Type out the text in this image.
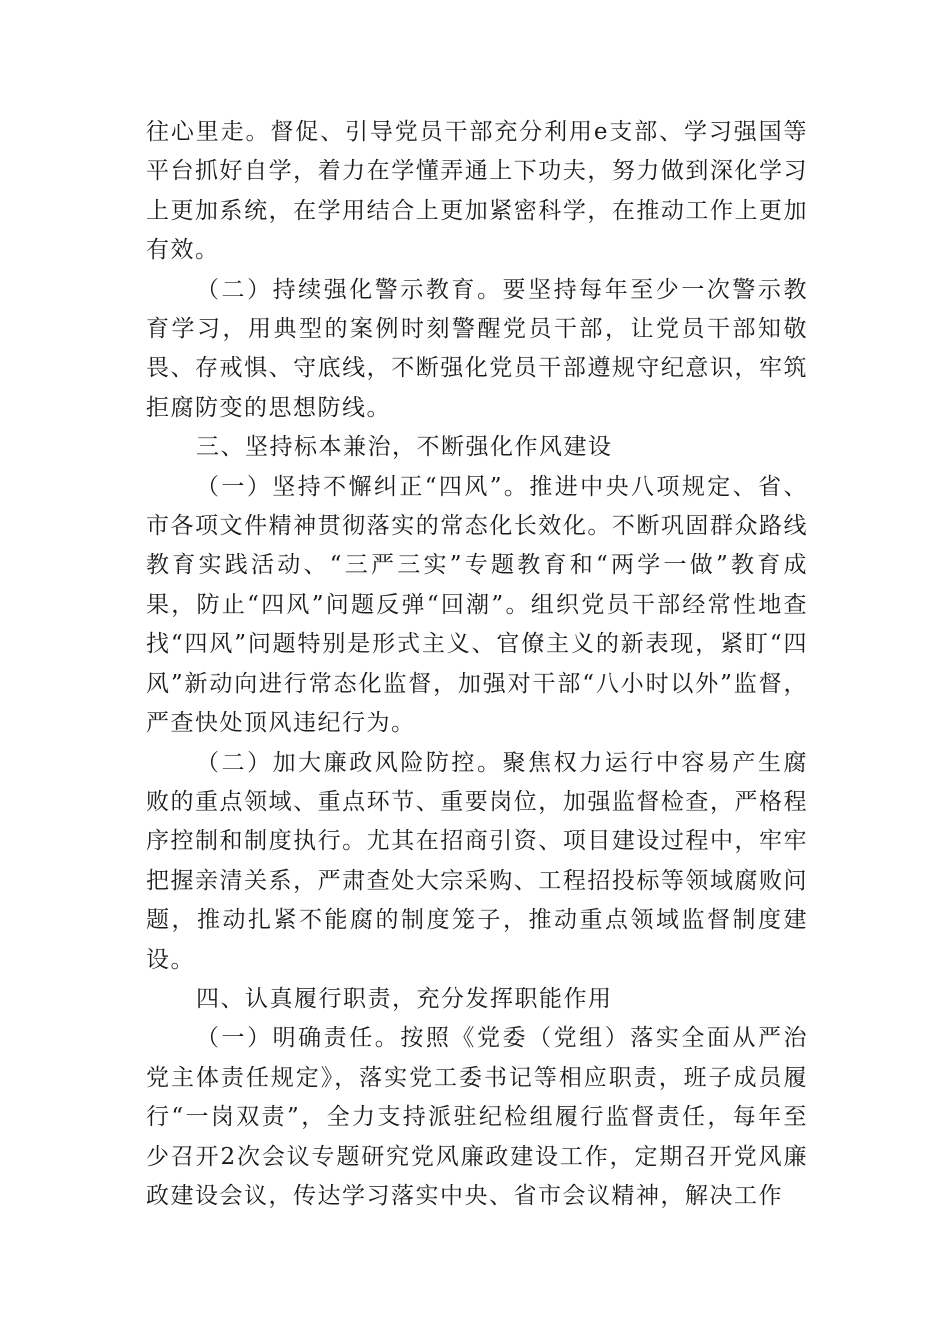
往心里走。督促、引导党员干部充分利用e支部、学习强国等平台抓好自学，着力在学懂弄通上下功夫，努力做到深化学习上更加系统，在学用结合上更加紧密科学，在推动工作上更加有效。

（二）持续强化警示教育。要坚持每年至少一次警示教育学习，用典型的案例时刻警醒党员干部，让党员干部知敬畏、存戒惧、守底线，不断强化党员干部遵规守纪意识，牢筑拒腐防变的思想防线。

三、坚持标本兼治，不断强化作风建设

（一）坚持不懈纠正“四风”。推进中央八项规定、省、市各项文件精神贯彻落实的常态化长效化。不断巩固群众路线教育实践活动、“三严三实”专题教育和“两学一做”教育成果，防止“四风”问题反弹“回潮”。组织党员干部经常性地查找“四风”问题特别是形式主义、官僚主义的新表现，紧盯“四风”新动向进行常态化监督，加强对干部“八小时以外”监督，严查快处顶风违纪行为。

（二）加大廉政风险防控。聚焦权力运行中容易产生腐败的重点领域、重点环节、重要岗位，加强监督检查，严格程序控制和制度执行。尤其在招商引资、项目建设过程中，牢牢把握亲清关系，严肃查处大宗采购、工程招投标等领域腐败问题，推动扎紧不能腐的制度笼子，推动重点领域监督制度建设。

四、认真履行职责，充分发挥职能作用

（一）明确责任。按照《党委（党组）落实全面从严治党主体责任规定》，落实党工委书记等相应职责，班子成员履行“一岗双责”，全力支持派驻纪检组履行监督责任，每年至少召开2次会议专题研究党风廉政建设工作，定期召开党风廉政建设会议，传达学习落实中央、省市会议精神，解决工作
